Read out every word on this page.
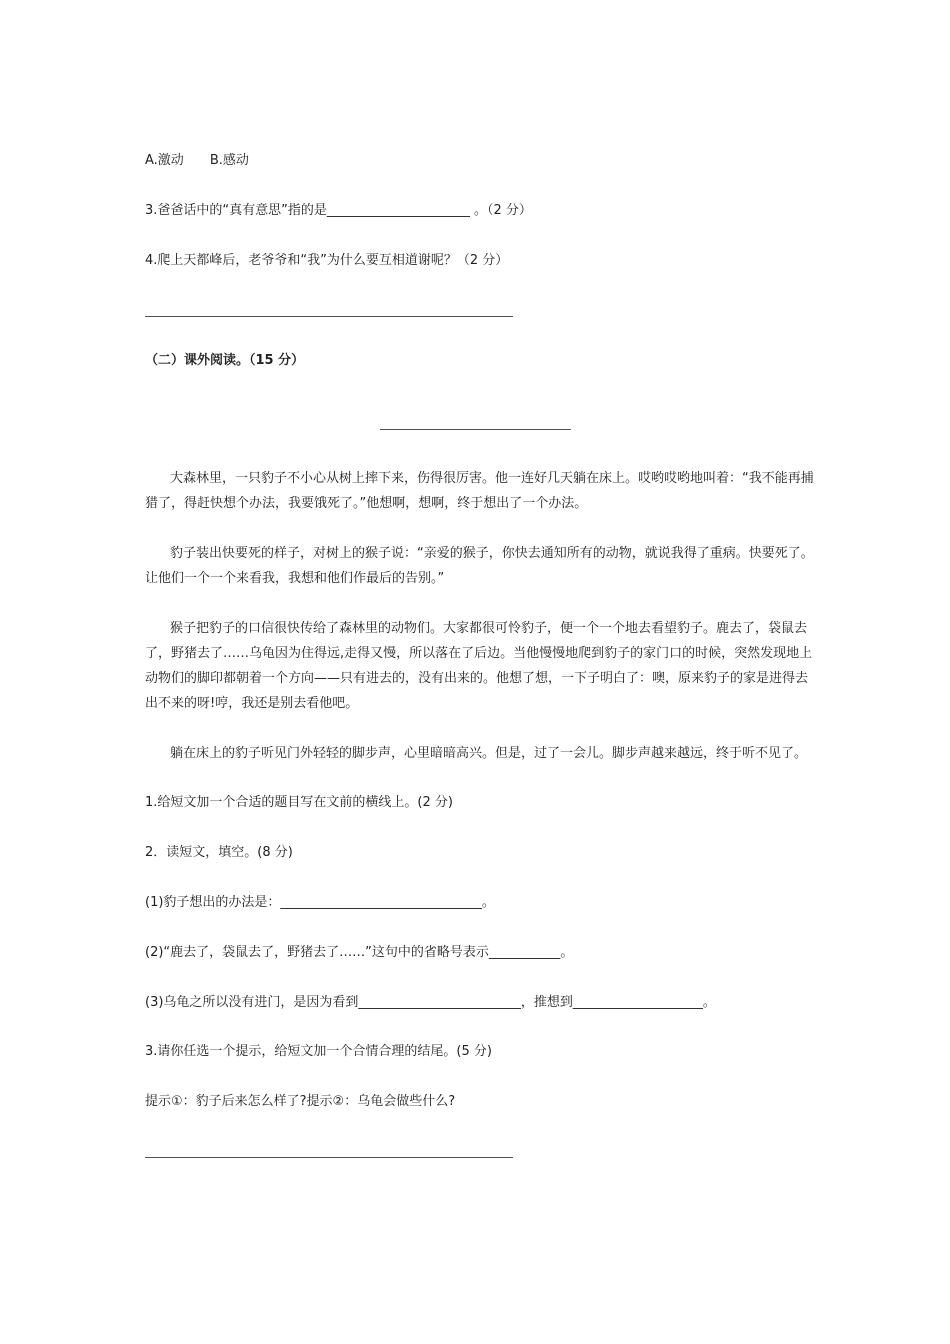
A.激动 B.感动
3.爸爸话中的“真有意思”指的是______________________ 。（2 分）
4.爬上天都峰后，老爷爷和“我”为什么要互相道谢呢？（2 分）
（二）课外阅读。（15 分）
大森林里，一只豹子不小心从树上摔下来，伤得很厉害。他一连好几天躺在床上。哎哟哎哟地叫着：“我不能再捕
猎了，得赶快想个办法，我要饿死了。”他想啊，想啊，终于想出了一个办法。
豹子装出快要死的样子，对树上的猴子说：“亲爱的猴子，你快去通知所有的动物，就说我得了重病。快要死了。
让他们一个一个来看我，我想和他们作最后的告别。”
猴子把豹子的口信很快传给了森林里的动物们。大家都很可怜豹子，便一个一个地去看望豹子。鹿去了，袋鼠去
了，野猪去了……乌龟因为住得远,走得又慢，所以落在了后边。当他慢慢地爬到豹子的家门口的时候，突然发现地上
动物们的脚印都朝着一个方向——只有进去的，没有出来的。他想了想，一下子明白了：噢，原来豹子的家是进得去
出不来的呀!哼，我还是别去看他吧。
躺在床上的豹子听见门外轻轻的脚步声，心里暗暗高兴。但是，过了一会儿。脚步声越来越远，终于听不见了。
1.给短文加一个合适的题目写在文前的横线上。(2 分)
2．读短文，填空。(8 分)
(1)豹子想出的办法是：_______________________________。
(2)“鹿去了，袋鼠去了，野猪去了……”这句中的省略号表示___________。
(3)乌龟之所以没有进门，是因为看到_________________________，推想到____________________。
3.请你任选一个提示，给短文加一个合情合理的结尾。(5 分)
提示①：豹子后来怎么样了?提示②：乌龟会做些什么?
